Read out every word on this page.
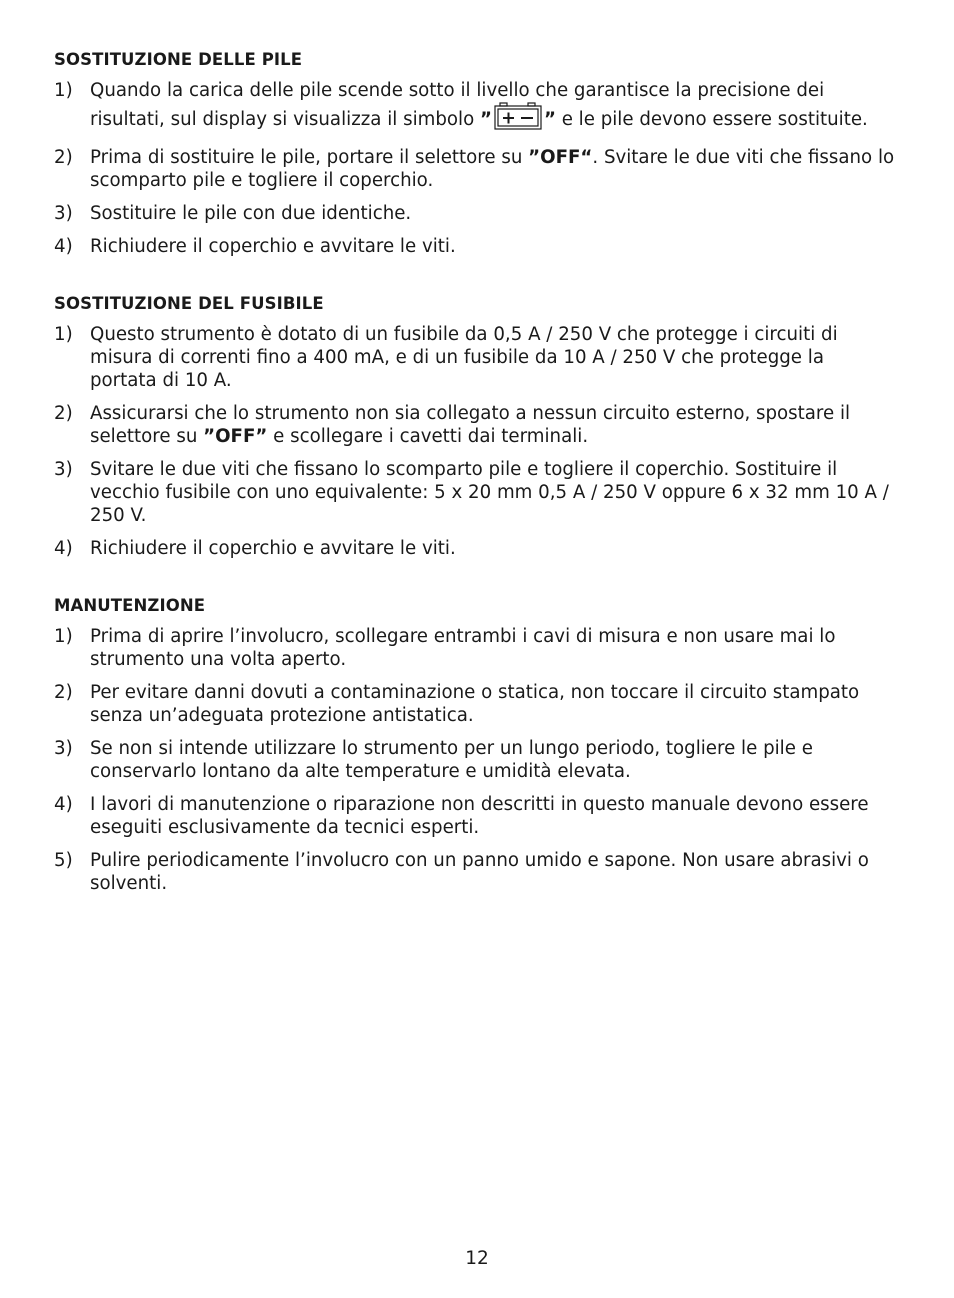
SOSTITUZIONE DELLE PILE
1) Quando la carica delle pile scende sotto il livello che garantisce la precisione dei risultati, sul display si visualizza il simbolo ”	” e le pile devono essere sostituite.
2) Prima di sostituire le pile, portare il selettore su ”OFF“. Svitare le due viti che fissano lo scomparto pile e togliere il coperchio.
3) Sostituire le pile con due identiche.
4) Richiudere il coperchio e avvitare le viti.
SOSTITUZIONE DEL FUSIBILE
1) Questo strumento è dotato di un fusibile da 0,5 A / 250 V che protegge i circuiti di misura di correnti fino a 400 mA, e di un fusibile da 10 A / 250 V che protegge la portata di 10 A.
2) Assicurarsi che lo strumento non sia collegato a nessun circuito esterno, spostare il selettore su ”OFF” e scollegare i cavetti dai terminali.
3) Svitare le due viti che fissano lo scomparto pile e togliere il coperchio. Sostituire il vecchio fusibile con uno equivalente: 5 x 20 mm 0,5 A / 250 V oppure 6 x 32 mm 10 A / 250 V.
4) Richiudere il coperchio e avvitare le viti.
MANUTENZIONE
1) Prima di aprire l’involucro, scollegare entrambi i cavi di misura e non usare mai lo strumento una volta aperto.
2) Per evitare danni dovuti a contaminazione o statica, non toccare il circuito stampato senza un’adeguata protezione antistatica.
3) Se non si intende utilizzare lo strumento per un lungo periodo, togliere le pile e conservarlo lontano da alte temperature e umidità elevata.
4) I lavori di manutenzione o riparazione non descritti in questo manuale devono essere eseguiti esclusivamente da tecnici esperti.
5) Pulire periodicamente l’involucro con un panno umido e sapone. Non usare abrasivi o solventi.
12
